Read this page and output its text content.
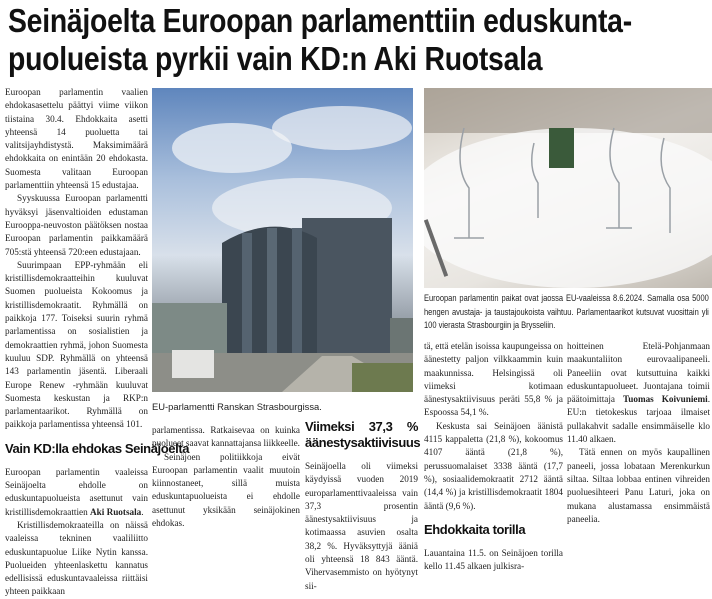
Seinäjoelta Euroopan parlamenttiin eduskunta-puolueista pyrkii vain KD:n Aki Ruotsala

Euroopan parlamentin vaalien ehdokasasettelu päättyi viime viikon tiistaina 30.4. Ehdokkaita asetti yhteensä 14 puoluetta tai valitsijayhdistystä. Maksimimäärä ehdokkaita on enintään 20 ehdokasta. Suomesta valitaan Euroopan parlamenttiin yhteensä 15 edustajaa.

Syyskuussa Euroopan parlamentti hyväksyi jäsenvaltioiden edustaman Eurooppa-neuvoston päätöksen nostaa Euroopan parlamentin paikkamäärä 705:stä yhteensä 720:een edustajaan.

Suurimpaan EPP-ryhmään eli kristillisdemokraatteihin kuuluvat Suomen puolueista Kokoomus ja kristillisdemokraatit. Ryhmällä on paikkoja 177. Toiseksi suurin ryhmä parlamentissa on sosialistien ja demokraattien ryhmä, johon Suomesta kuuluu SDP. Ryhmällä on yhteensä 143 parlamentin jäsentä. Liberaali Europe Renew -ryhmään kuuluvat Suomesta keskustan ja RKP:n parlamentaarikot. Ryhmällä on paikkoja parlamentissa yhteensä 101.

Vain KD:lla ehdokas Seinäjoelta

Euroopan parlamentin vaaleissa Seinäjoelta ehdolle on eduskuntapuolueista asettunut vain kristillisdemokraattien Aki Ruotsala.

Kristillisdemokraateilla on näissä vaaleissa tekninen vaaliliitto eduskuntapuolue Liike Nytin kanssa. Puolueiden yhteenlaskettu kannatus edellisissä eduskuntavaaleissa riittäisi yhteen paikkaan

EU-parlamentti Ranskan Strasbourgissa.
Euroopan parlamentin paikat ovat jaossa EU-vaaleissa 8.6.2024. Samalla osa 5000 hengen avustaja- ja taustajoukoista vaihtuu. Parlamentaarikot kutsuvat vuosittain yli 100 vierasta Strasbourgiin ja Brysseliin.

parlamentissa. Ratkaisevaa on kuinka puolueet saavat kannattajansa liikkeelle.

Seinäjoen politiikkoja eivät Euroopan parlamentin vaalit muutoin kiinnostaneet, sillä muista eduskuntapuolueista ei ehdolle asettunut yksikään seinäjokinen ehdokas.

Viimeksi 37,3 % äänestysaktiivisuus

Seinäjoella oli viimeksi käydyissä vuoden 2019 europarlamenttivaaleissa vain 37,3 prosentin äänestysaktiivisuus ja kotimaassa asuvien osalta 38,2 %. Hyväksyttyjä ääniä oli yhteensä 18 843 ääntä. Vihervasemmisto on hyötynyt sii-

tä, että etelän isoissa kaupungeissa on äänestetty paljon vilkkaammin kuin maakunnissa. Helsingissä oli viimeksi kotimaan äänestysaktiivisuus peräti 55,8 % ja Espoossa 54,1 %.

Keskusta sai Seinäjoen äänistä 4115 kappaletta (21,8 %), kokoomus 4107 ääntä (21,8 %), perussuomalaiset 3338 ääntä (17,7 %), sosiaalidemokraatit 2712 ääntä (14,4 %) ja kristillisdemokraatit 1804 ääntä (9,6 %).

Ehdokkaita torilla

Lauantaina 11.5. on Seinäjoen torilla kello 11.45 alkaen julkisra-

hoitteinen Etelä-Pohjanmaan maakuntaliiton eurovaalipaneeli. Paneeliin ovat kutsuttuina kaikki eduskuntapuolueet. Juontajana toimii päätoimittaja Tuomas Koivuniemi. EU:n tietokeskus tarjoaa ilmaiset pullakahvit sadalle ensimmäiselle klo 11.40 alkaen.

Tätä ennen on myös kaupallinen paneeli, jossa lobataan Merenkurkun siltaa. Siltaa lobbaa entinen vihreiden puoluesihteeri Panu Laturi, joka on mukana alustamassa ensimmäistä paneelia.
